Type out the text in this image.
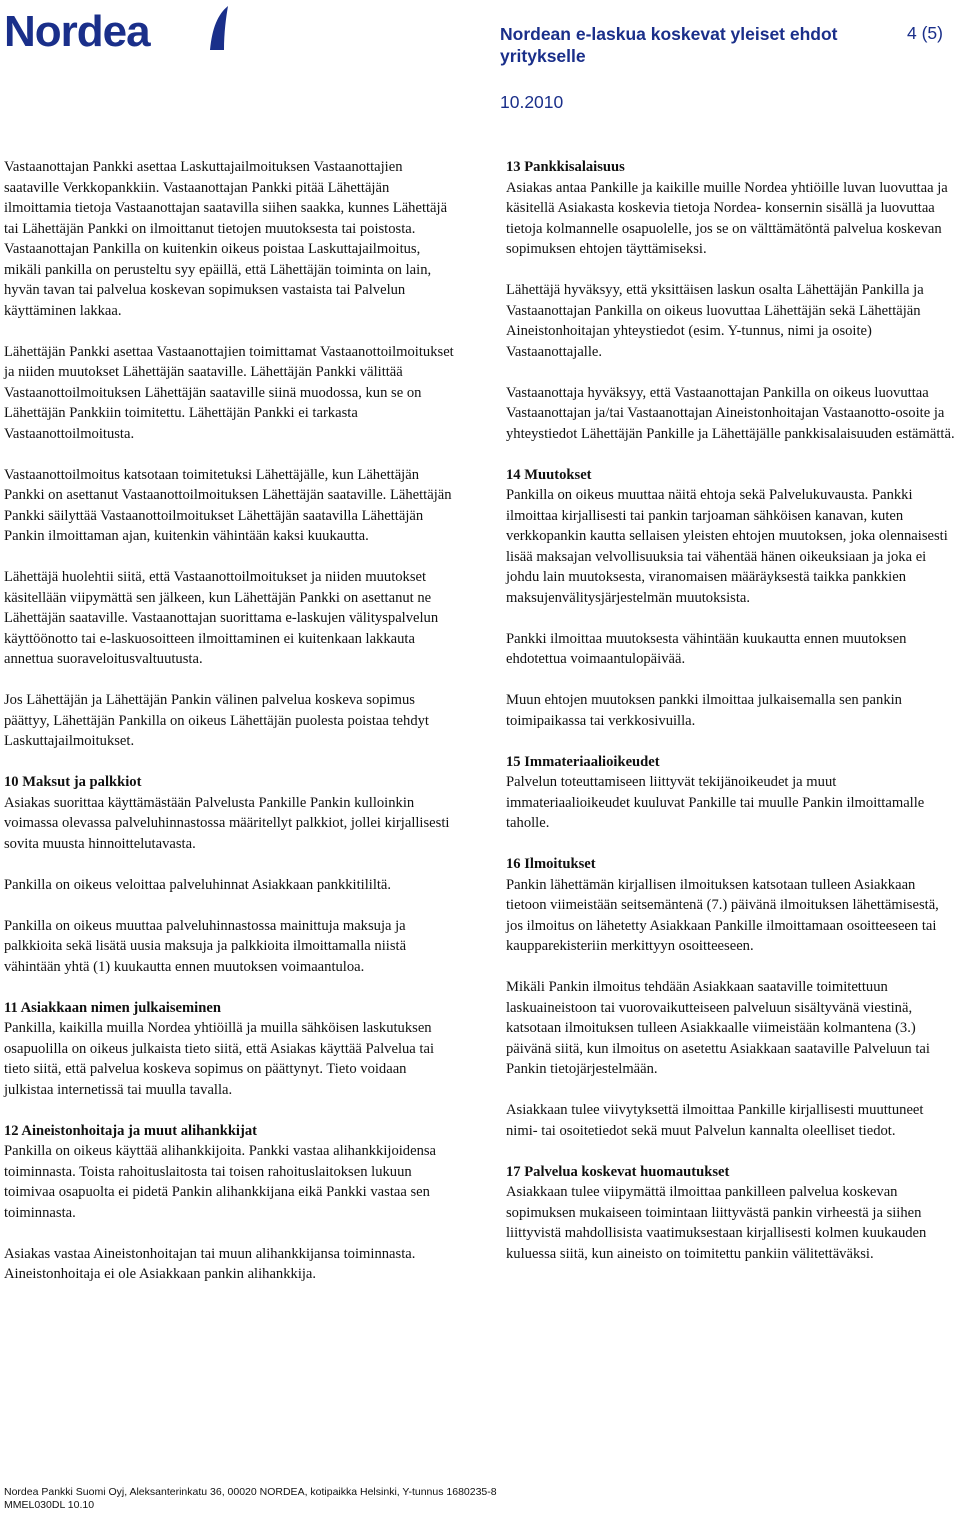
Nordea	Nordean e-laskua koskevat yleiset ehdot yritykselle
4 (5)
10.2010

Vastaanottajan Pankki asettaa Laskuttajailmoituksen Vastaanottajien saataville Verkkopankkiin. Vastaanottajan Pankki pitää Lähettäjän ilmoittamia tietoja Vastaanottajan saatavilla siihen saakka, kunnes Lähettäjä tai Lähettäjän Pankki on ilmoittanut tietojen muutoksesta tai poistosta. Vastaanottajan Pankilla on kuitenkin oikeus poistaa Laskuttajailmoitus, mikäli pankilla on perusteltu syy epäillä, että Lähettäjän toiminta on lain, hyvän tavan tai palvelua koskevan sopimuksen vastaista tai Palvelun käyttäminen lakkaa.

Lähettäjän Pankki asettaa Vastaanottajien toimittamat Vastaanottoilmoitukset ja niiden muutokset Lähettäjän saataville. Lähettäjän Pankki välittää Vastaanottoilmoituksen Lähettäjän saataville siinä muodossa, kun se on Lähettäjän Pankkiin toimitettu. Lähettäjän Pankki ei tarkasta Vastaanottoilmoitusta.

Vastaanottoilmoitus katsotaan toimitetuksi Lähettäjälle, kun Lähettäjän Pankki on asettanut Vastaanottoilmoituksen Lähettäjän saataville. Lähettäjän Pankki säilyttää Vastaanottoilmoitukset Lähettäjän saatavilla Lähettäjän Pankin ilmoittaman ajan, kuitenkin vähintään kaksi kuukautta.

Lähettäjä huolehtii siitä, että Vastaanottoilmoitukset ja niiden muutokset käsitellään viipymättä sen jälkeen, kun Lähettäjän Pankki on asettanut ne Lähettäjän saataville. Vastaanottajan suorittama e-laskujen välityspalvelun käyttöönotto tai e-laskuosoitteen ilmoittaminen ei kuitenkaan lakkauta annettua suoraveloitusvaltuutusta.

Jos Lähettäjän ja Lähettäjän Pankin välinen palvelua koskeva sopimus päättyy, Lähettäjän Pankilla on oikeus Lähettäjän puolesta poistaa tehdyt Laskuttajailmoitukset.

10 Maksut ja palkkiot

Asiakas suorittaa käyttämästään Palvelusta Pankille Pankin kulloinkin voimassa olevassa palveluhinnastossa määritellyt palkkiot, jollei kirjallisesti sovita muusta hinnoittelutavasta.

Pankilla on oikeus veloittaa palveluhinnat Asiakkaan pankkitililtä.

Pankilla on oikeus muuttaa palveluhinnastossa mainittuja maksuja ja palkkioita sekä lisätä uusia maksuja ja palkkioita ilmoittamalla niistä vähintään yhtä (1) kuukautta ennen muutoksen voimaantuloa.

11 Asiakkaan nimen julkaiseminen

Pankilla, kaikilla muilla Nordea yhtiöillä ja muilla sähköisen laskutuksen osapuolilla on oikeus julkaista tieto siitä, että Asiakas käyttää Palvelua tai tieto siitä, että palvelua koskeva sopimus on päättynyt. Tieto voidaan julkistaa internetissä tai muulla tavalla.

12 Aineistonhoitaja ja muut alihankkijat

Pankilla on oikeus käyttää alihankkijoita. Pankki vastaa alihankkijoidensa toiminnasta. Toista rahoituslaitosta tai toisen rahoituslaitoksen lukuun toimivaa osapuolta ei pidetä Pankin alihankkijana eikä Pankki vastaa sen toiminnasta.

Asiakas vastaa Aineistonhoitajan tai muun alihankkijansa toiminnasta. Aineistonhoitaja ei ole Asiakkaan pankin alihankkija.

13 Pankkisalaisuus

Asiakas antaa Pankille ja kaikille muille Nordea yhtiöille luvan luovuttaa ja käsitellä Asiakasta koskevia tietoja Nordea- konsernin sisällä ja luovuttaa tietoja kolmannelle osapuolelle, jos se on välttämätöntä palvelua koskevan sopimuksen ehtojen täyttämiseksi.

Lähettäjä hyväksyy, että yksittäisen laskun osalta Lähettäjän Pankilla ja Vastaanottajan Pankilla on oikeus luovuttaa Lähettäjän sekä Lähettäjän Aineistonhoitajan yhteystiedot (esim. Y-tunnus, nimi ja osoite) Vastaanottajalle.

Vastaanottaja hyväksyy, että Vastaanottajan Pankilla on oikeus luovuttaa Vastaanottajan ja/tai Vastaanottajan Aineistonhoitajan Vastaanotto-osoite ja yhteystiedot Lähettäjän Pankille ja Lähettäjälle pankkisalaisuuden estämättä.

14 Muutokset

Pankilla on oikeus muuttaa näitä ehtoja sekä Palvelukuvausta. Pankki ilmoittaa kirjallisesti tai pankin tarjoaman sähköisen kanavan, kuten verkkopankin kautta sellaisen yleisten ehtojen muutoksen, joka olennaisesti lisää maksajan velvollisuuksia tai vähentää hänen oikeuksiaan ja joka ei johdu lain muutoksesta, viranomaisen määräyksestä taikka pankkien maksujenvälitysjärjestelmän muutoksista.

Pankki ilmoittaa muutoksesta vähintään kuukautta ennen muutoksen ehdotettua voimaantulopäivää.

Muun ehtojen muutoksen pankki ilmoittaa julkaisemalla sen pankin toimipaikassa tai verkkosivuilla.

15 Immateriaalioikeudet

Palvelun toteuttamiseen liittyvät tekijänoikeudet ja muut immateriaalioikeudet kuuluvat Pankille tai muulle Pankin ilmoittamalle taholle.

16 Ilmoitukset

Pankin lähettämän kirjallisen ilmoituksen katsotaan tulleen Asiakkaan tietoon viimeistään seitsemäntenä (7.) päivänä ilmoituksen lähettämisestä, jos ilmoitus on lähetetty Asiakkaan Pankille ilmoittamaan osoitteeseen tai kaupparekisteriin merkittyyn osoitteeseen.

Mikäli Pankin ilmoitus tehdään Asiakkaan saataville toimitettuun laskuaineistoon tai vuorovaikutteiseen palveluun sisältyvänä viestinä, katsotaan ilmoituksen tulleen Asiakkaalle viimeistään kolmantena (3.) päivänä siitä, kun ilmoitus on asetettu Asiakkaan saataville Palveluun tai Pankin tietojärjestelmään.

Asiakkaan tulee viivytyksettä ilmoittaa Pankille kirjallisesti muuttuneet nimi- tai osoitetiedot sekä muut Palvelun kannalta oleelliset tiedot.

17 Palvelua koskevat huomautukset

Asiakkaan tulee viipymättä ilmoittaa pankilleen palvelua koskevan sopimuksen mukaiseen toimintaan liittyvästä pankin virheestä ja siihen liittyvistä mahdollisista vaatimuksestaan kirjallisesti kolmen kuukauden kuluessa siitä, kun aineisto on toimitettu pankiin välitettäväksi.

Nordea Pankki Suomi Oyj, Aleksanterinkatu 36, 00020 NORDEA, kotipaikka Helsinki, Y-tunnus 1680235-8
MMEL030DL 10.10
